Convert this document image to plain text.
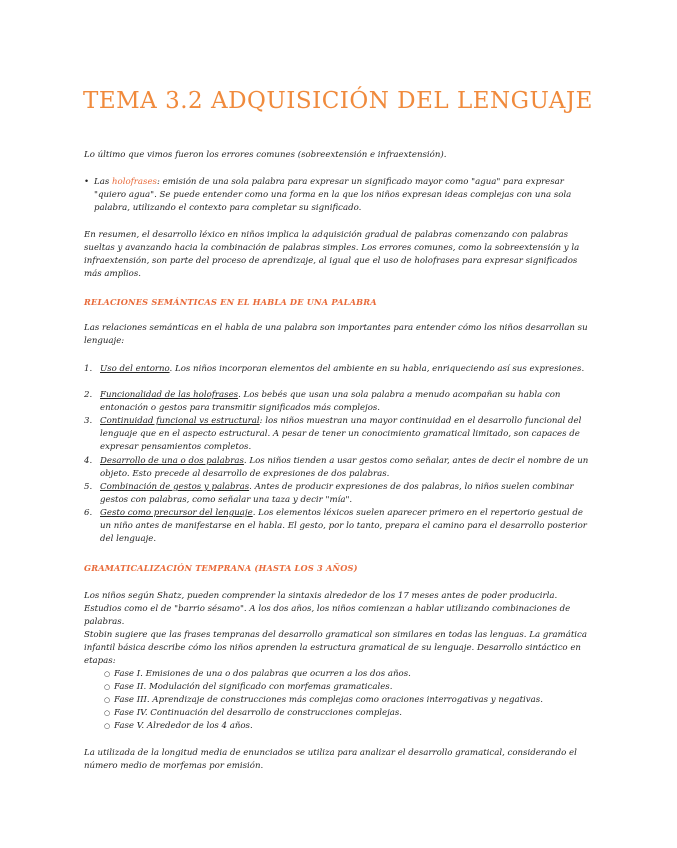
TEMA 3.2 ADQUISICIÓN DEL LENGUAJE

Lo último que vimos fueron los errores comunes (sobreextensión e infraextensión).

• Las holofrases: emisión de una sola palabra para expresar un significado mayor como "agua" para expresar "quiero agua". Se puede entender como una forma en la que los niños expresan ideas complejas con una sola palabra, utilizando el contexto para completar su significado.

En resumen, el desarrollo léxico en niños implica la adquisición gradual de palabras comenzando con palabras sueltas y avanzando hacia la combinación de palabras simples. Los errores comunes, como la sobreextensión y la infraextensión, son parte del proceso de aprendizaje, al igual que el uso de holofrases para expresar significados más amplios.

RELACIONES SEMÁNTICAS EN EL HABLA DE UNA PALABRA

Las relaciones semánticas en el habla de una palabra son importantes para entender cómo los niños desarrollan su lenguaje:

1. Uso del entorno. Los niños incorporan elementos del ambiente en su habla, enriqueciendo así sus expresiones.
2. Funcionalidad de las holofrases. Los bebés que usan una sola palabra a menudo acompañan su habla con entonación o gestos para transmitir significados más complejos.
3. Continuidad funcional vs estructural: los niños muestran una mayor continuidad en el desarrollo funcional del lenguaje que en el aspecto estructural. A pesar de tener un conocimiento gramatical limitado, son capaces de expresar pensamientos completos.
4. Desarrollo de una o dos palabras. Los niños tienden a usar gestos como señalar, antes de decir el nombre de un objeto. Esto precede al desarrollo de expresiones de dos palabras.
5. Combinación de gestos y palabras. Antes de producir expresiones de dos palabras, lo niños suelen combinar gestos con palabras, como señalar una taza y decir "mía".
6. Gesto como precursor del lenguaje. Los elementos léxicos suelen aparecer primero en el repertorio gestual de un niño antes de manifestarse en el habla. El gesto, por lo tanto, prepara el camino para el desarrollo posterior del lenguaje.
GRAMATICALIZACIÓN TEMPRANA (HASTA LOS 3 AÑOS)

Los niños según Shatz, pueden comprender la sintaxis alrededor de los 17 meses antes de poder producirla. Estudios como el de "barrio sésamo". A los dos años, los niños comienzan a hablar utilizando combinaciones de palabras.

Stobin sugiere que las frases tempranas del desarrollo gramatical son similares en todas las lenguas. La gramática infantil básica describe cómo los niños aprenden la estructura gramatical de su lenguaje. Desarrollo sintáctico en etapas:

○ Fase I. Emisiones de una o dos palabras que ocurren a los dos años.
○ Fase II. Modulación del significado con morfemas gramaticales.
○ Fase III. Aprendizaje de construcciones más complejas como oraciones interrogativas y negativas.
○ Fase IV. Continuación del desarrollo de construcciones complejas.
○ Fase V. Alrededor de los 4 años.

La utilizada de la longitud media de enunciados se utiliza para analizar el desarrollo gramatical, considerando el número medio de morfemas por emisión.
